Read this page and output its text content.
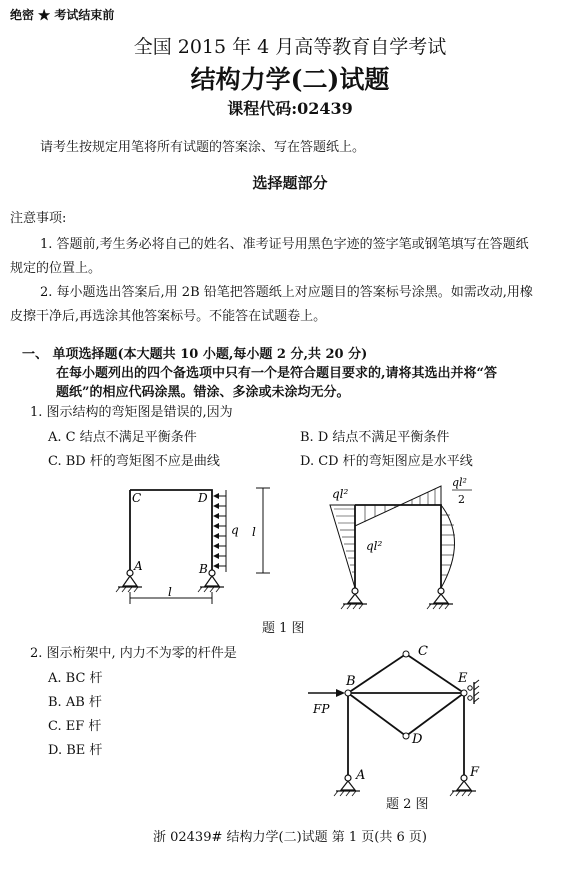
绝密 ★ 考试结束前
全国 2015 年 4 月高等教育自学考试
结构力学(二)试题
课程代码:02439
请考生按规定用笔将所有试题的答案涂、写在答题纸上。
选择题部分
注意事项:
1. 答题前,考生务必将自己的姓名、准考证号用黑色字迹的签字笔或钢笔填写在答题纸
规定的位置上。
2. 每小题选出答案后,用 2B 铅笔把答题纸上对应题目的答案标号涂黑。如需改动,用橡
皮擦干净后,再选涂其他答案标号。不能答在试题卷上。
一、 单项选择题(本大题共 10 小题,每小题 2 分,共 20 分)
在每小题列出的四个备选项中只有一个是符合题目要求的,请将其选出并将“答
题纸”的相应代码涂黑。错涂、多涂或未涂均无分。
1. 图示结构的弯矩图是错误的,因为
A. C 结点不满足平衡条件	B. D 结点不满足平衡条件
C. BD 杆的弯矩图不应是曲线	D. CD 杆的弯矩图应是水平线
C	D
A	B
q l
l
ql²
ql²
ql²
2
题 1 图
2. 图示桁架中, 内力不为零的杆件是
A. BC 杆
B. AB 杆
C. EF 杆
D. BE 杆
C
B	E
D
A	F
FP
题 2 图
浙 02439# 结构力学(二)试题 第 1 页(共 6 页)
